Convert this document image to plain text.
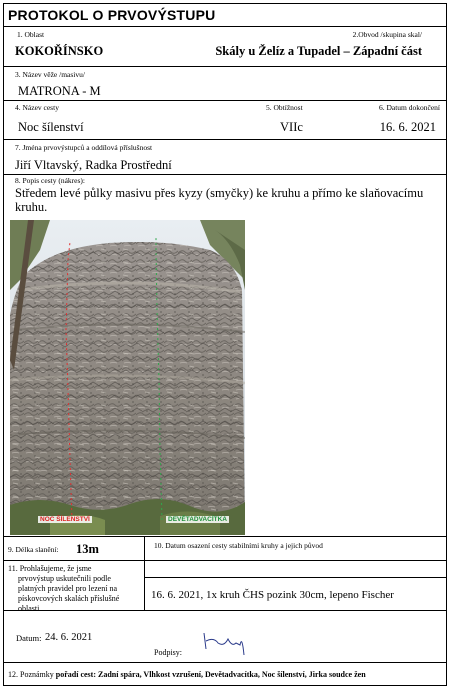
PROTOKOL O PRVOVÝSTUPU
1. Oblast
KOKOŘÍNSKO
2.Obvod /skupina skal/
Skály u Želíz a Tupadel – Západní část
3. Název věže /masivu/
MATRONA - M
4. Název cesty
Noc šílenství
5. Obtížnost
VIIc
6. Datum dokončení
16. 6. 2021
7. Jména prvovýstupců a oddílová příslušnost
Jiří Vltavský, Radka Prostřední
8. Popis cesty (nákres):
Středem levé půlky masivu přes kyzy (smyčky) ke kruhu a přímo ke slaňovacímu
kruhu.
NOC ŠÍLENSTVÍ	DEVĚTADVACÍTKA
9. Délka slanění: 13m	10. Datum osazení cesty stabilními kruhy a jejich původ
11. Prohlašujeme, že jsme
prvovýstup uskutečnili podle
platných pravidel pro lezení na
pískovcových skalách příslušné
oblasti
16. 6. 2021, 1x kruh ČHS pozink 30cm, lepeno Fischer
Datum: 24. 6. 2021
Podpisy:
12. Poznámky pořadí cest: Zadní spára, Vlhkost vzrušení, Devětadvacítka, Noc šílenství, Jirka soudce žen
